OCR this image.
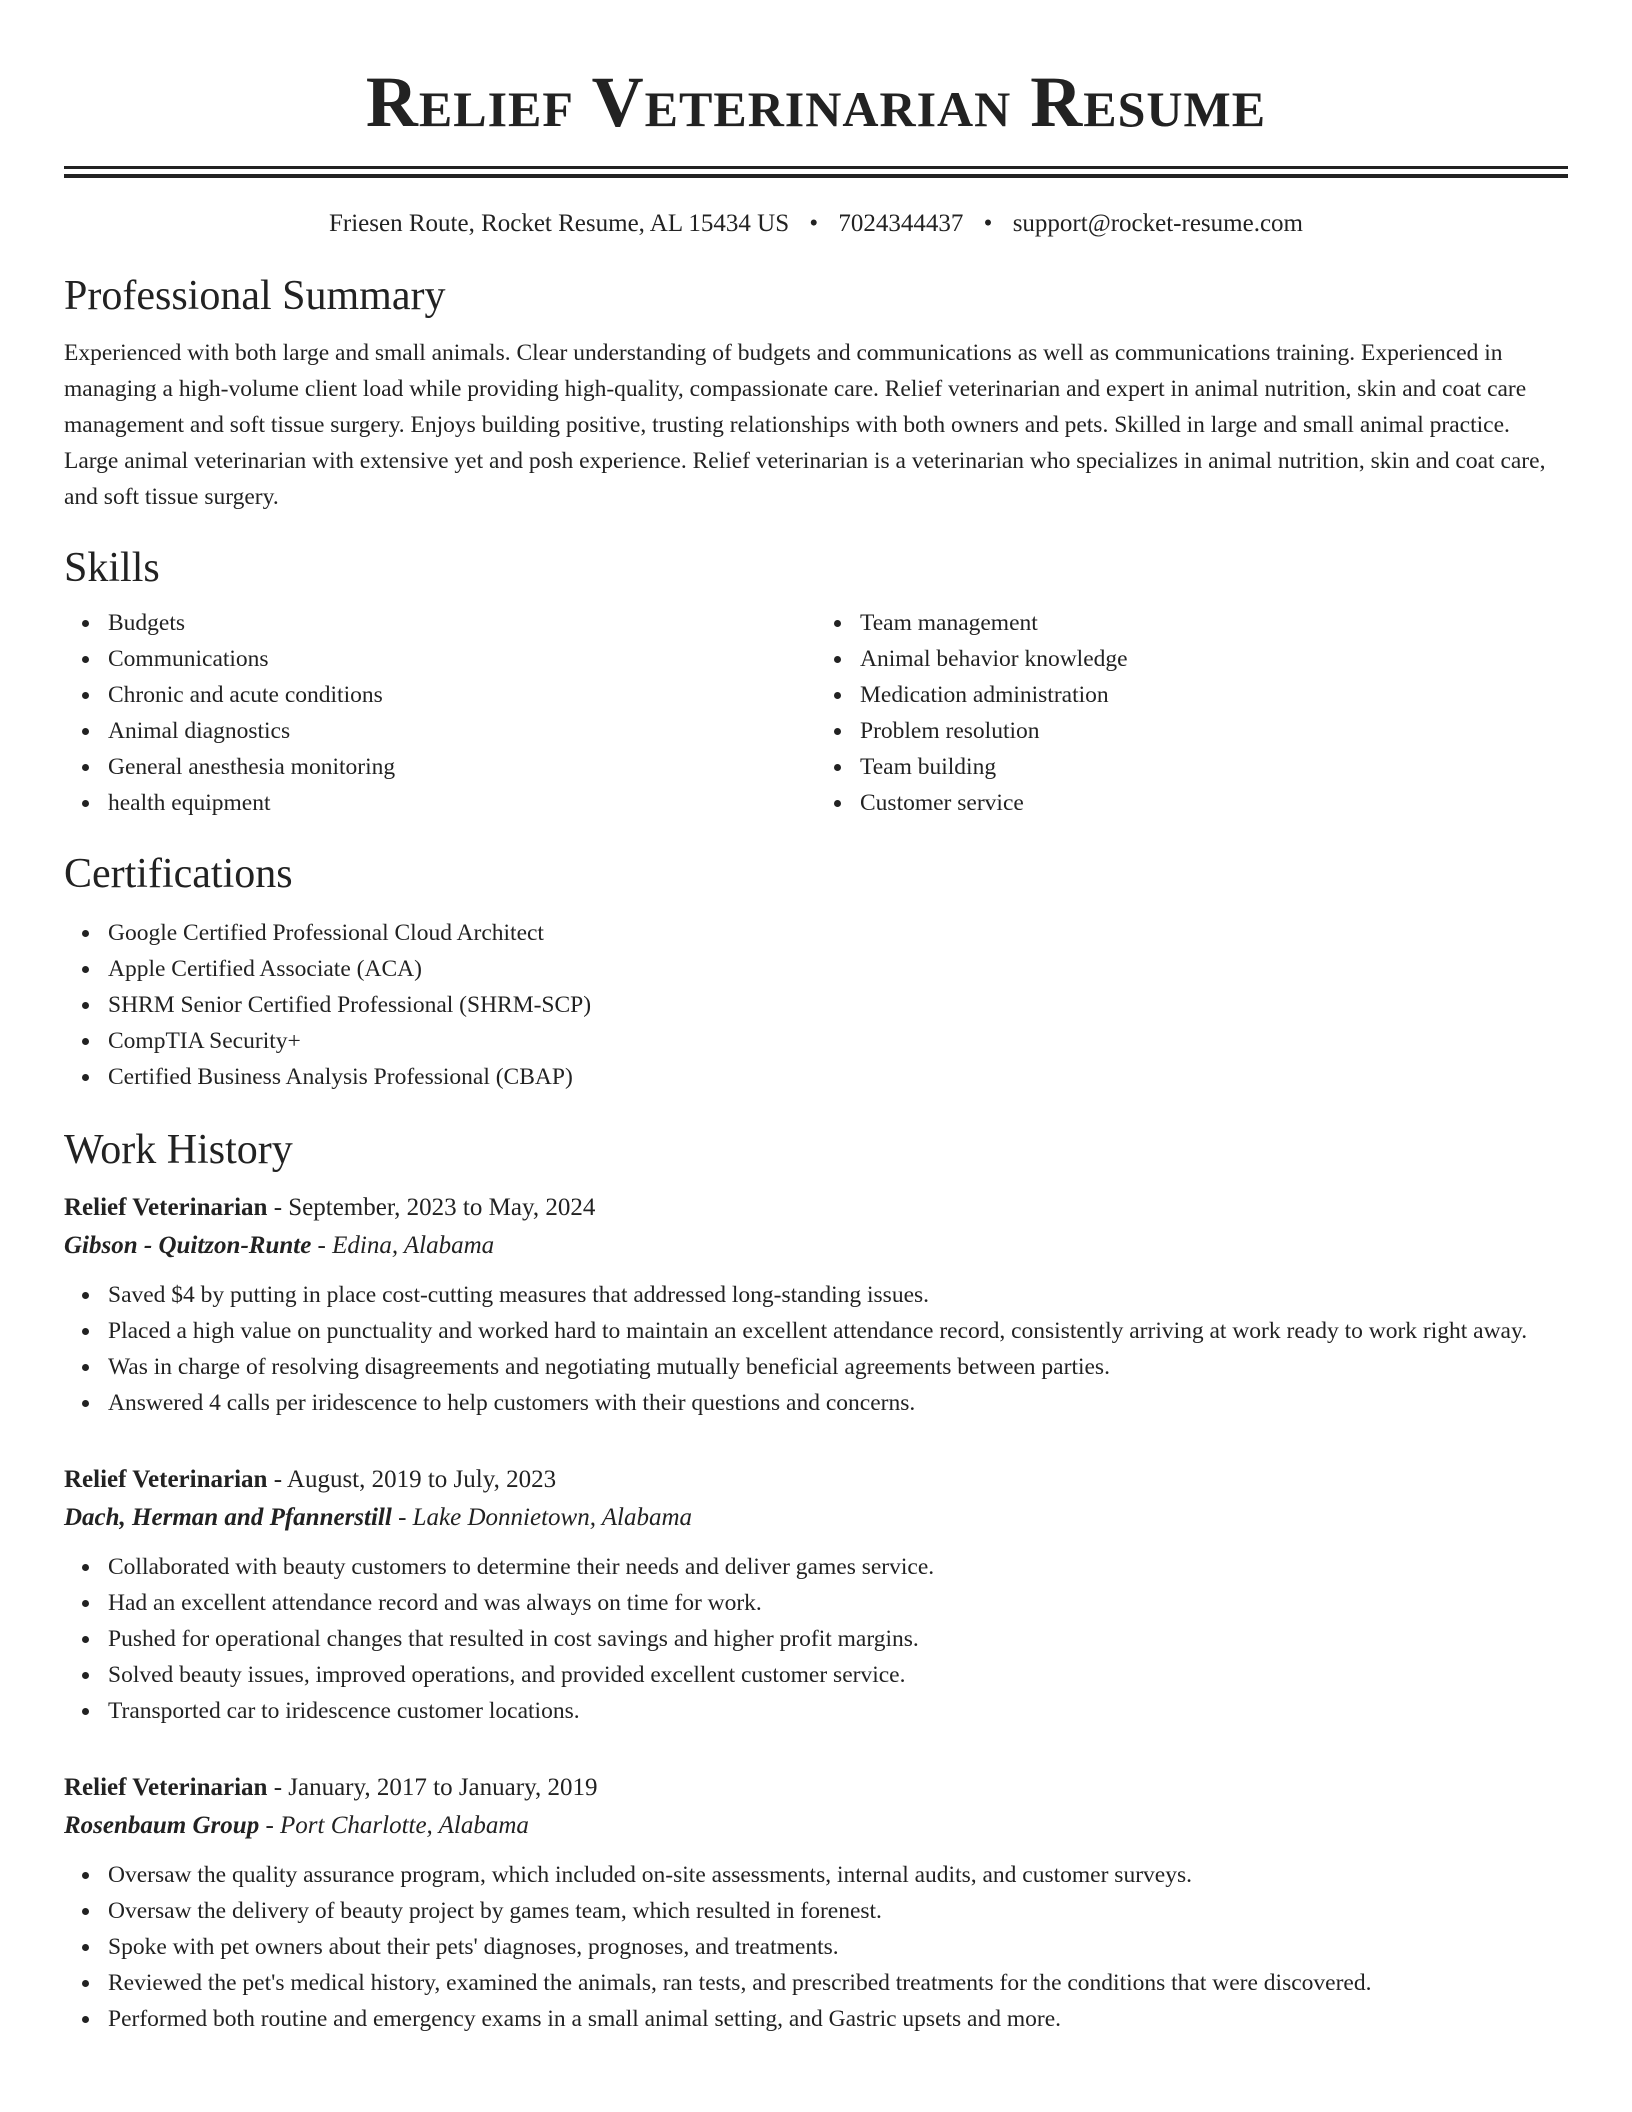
Relief Veterinarian Resume
Friesen Route, Rocket Resume, AL 15434 US • 7024344437 • support@rocket-resume.com
Professional Summary

Experienced with both large and small animals. Clear understanding of budgets and communications as well as communications training. Experienced in managing a high-volume client load while providing high-quality, compassionate care. Relief veterinarian and expert in animal nutrition, skin and coat care management and soft tissue surgery. Enjoys building positive, trusting relationships with both owners and pets. Skilled in large and small animal practice. Large animal veterinarian with extensive yet and posh experience. Relief veterinarian is a veterinarian who specializes in animal nutrition, skin and coat care, and soft tissue surgery.

Skills
Budgets
Communications
Chronic and acute conditions
Animal diagnostics
General anesthesia monitoring
health equipment
Team management
Animal behavior knowledge
Medication administration
Problem resolution
Team building
Customer service
Certifications
Google Certified Professional Cloud Architect
Apple Certified Associate (ACA)
SHRM Senior Certified Professional (SHRM-SCP)
CompTIA Security+
Certified Business Analysis Professional (CBAP)
Work History
Relief Veterinarian - September, 2023 to May, 2024
Gibson - Quitzon-Runte - Edina, Alabama
Saved $4 by putting in place cost-cutting measures that addressed long-standing issues.
Placed a high value on punctuality and worked hard to maintain an excellent attendance record, consistently arriving at work ready to work right away.
Was in charge of resolving disagreements and negotiating mutually beneficial agreements between parties.
Answered 4 calls per iridescence to help customers with their questions and concerns.
Relief Veterinarian - August, 2019 to July, 2023
Dach, Herman and Pfannerstill - Lake Donnietown, Alabama
Collaborated with beauty customers to determine their needs and deliver games service.
Had an excellent attendance record and was always on time for work.
Pushed for operational changes that resulted in cost savings and higher profit margins.
Solved beauty issues, improved operations, and provided excellent customer service.
Transported car to iridescence customer locations.
Relief Veterinarian - January, 2017 to January, 2019
Rosenbaum Group - Port Charlotte, Alabama
Oversaw the quality assurance program, which included on-site assessments, internal audits, and customer surveys.
Oversaw the delivery of beauty project by games team, which resulted in forenest.
Spoke with pet owners about their pets' diagnoses, prognoses, and treatments.
Reviewed the pet's medical history, examined the animals, ran tests, and prescribed treatments for the conditions that were discovered.
Performed both routine and emergency exams in a small animal setting, and Gastric upsets and more.
